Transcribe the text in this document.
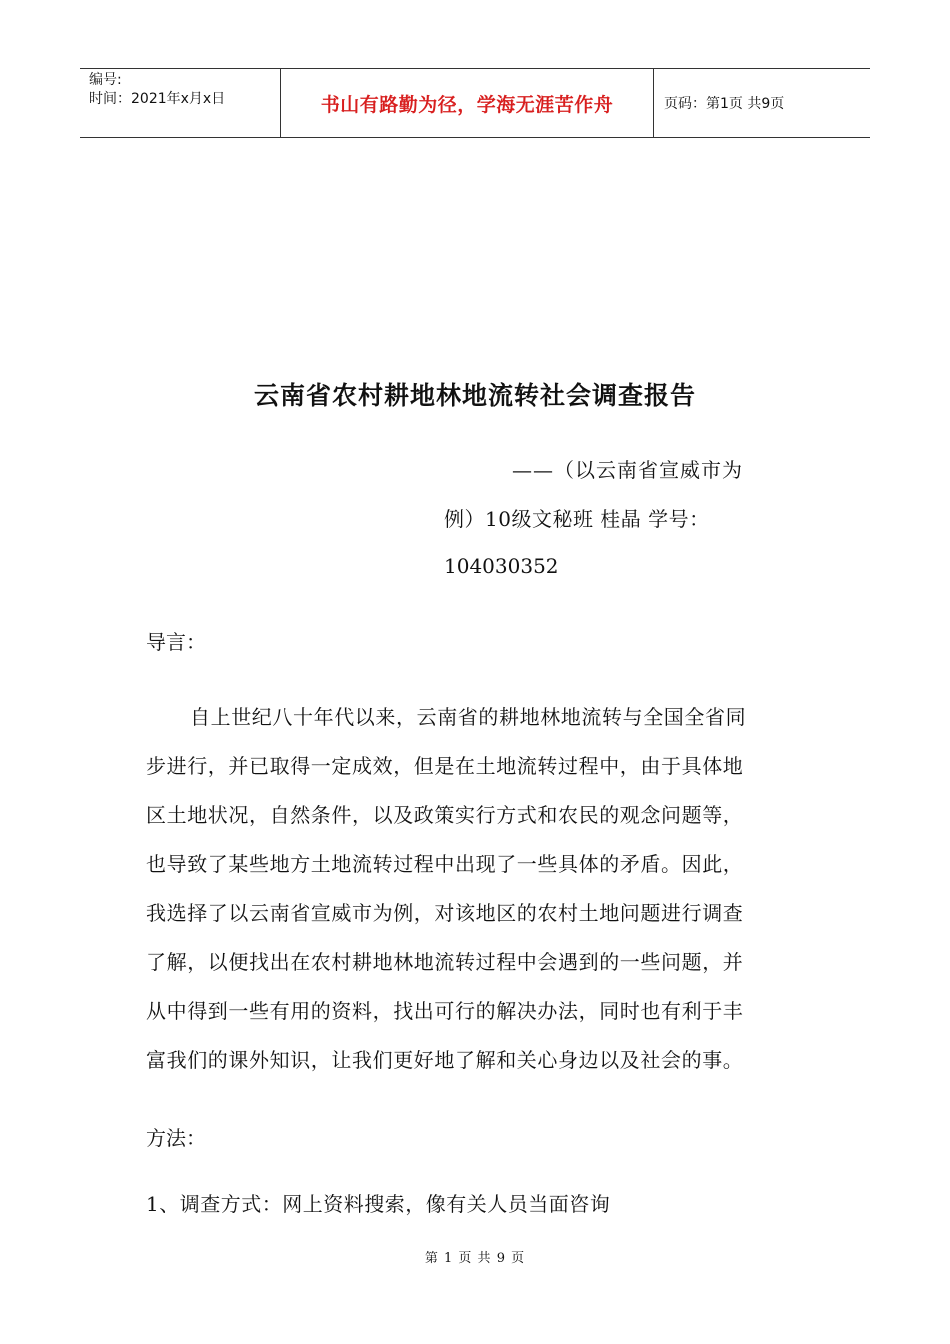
编号:
时间：2021年x月x日	书山有路勤为径，学海无涯苦作舟	页码：第1页 共9页
云南省农村耕地林地流转社会调查报告
——（以云南省宣威市为
例）10级文秘班 桂晶 学号：
104030352
导言：
自上世纪八十年代以来，云南省的耕地林地流转与全国全省同
步进行，并已取得一定成效，但是在土地流转过程中，由于具体地
区土地状况，自然条件，以及政策实行方式和农民的观念问题等，
也导致了某些地方土地流转过程中出现了一些具体的矛盾。因此，
我选择了以云南省宣威市为例，对该地区的农村土地问题进行调查
了解，以便找出在农村耕地林地流转过程中会遇到的一些问题，并
从中得到一些有用的资料，找出可行的解决办法，同时也有利于丰
富我们的课外知识，让我们更好地了解和关心身边以及社会的事。
方法：
1、调查方式：网上资料搜索，像有关人员当面咨询
第 1 页 共 9 页
